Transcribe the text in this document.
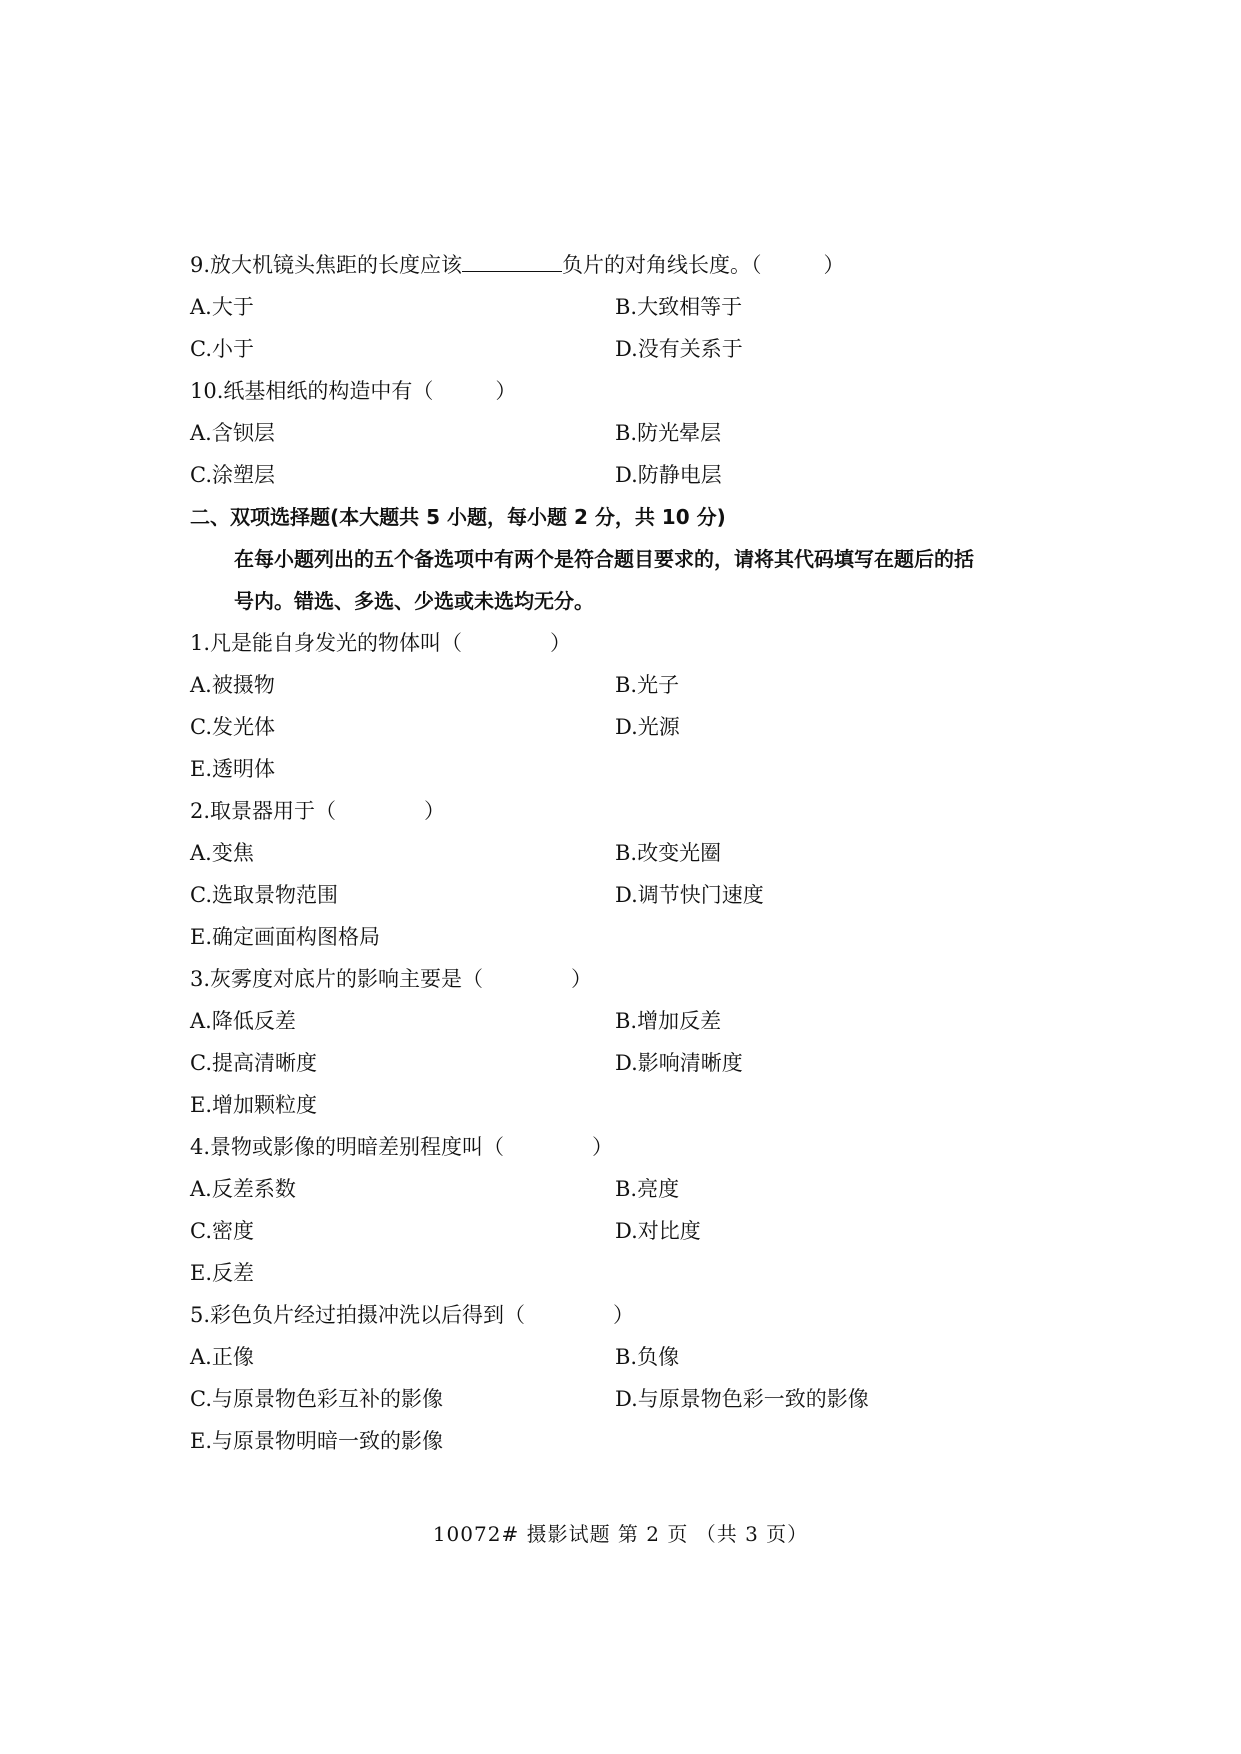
9.放大机镜头焦距的长度应该	负片的对角线长度。（	）
A.大于	B.大致相等于
C.小于	D.没有关系于
10.纸基相纸的构造中有（	）
A.含钡层	B.防光晕层
C.涂塑层	D.防静电层
二、双项选择题(本大题共 5 小题，每小题 2 分，共 10 分)
在每小题列出的五个备选项中有两个是符合题目要求的，请将其代码填写在题后的括
号内。错选、多选、少选或未选均无分。
1.凡是能自身发光的物体叫（	）
A.被摄物	B.光子
C.发光体	D.光源
E.透明体
2.取景器用于（	）
A.变焦	B.改变光圈
C.选取景物范围	D.调节快门速度
E.确定画面构图格局
3.灰雾度对底片的影响主要是（	）
A.降低反差	B.增加反差
C.提高清晰度	D.影响清晰度
E.增加颗粒度
4.景物或影像的明暗差别程度叫（	）
A.反差系数	B.亮度
C.密度	D.对比度
E.反差
5.彩色负片经过拍摄冲洗以后得到（	）
A.正像	B.负像
C.与原景物色彩互补的影像	D.与原景物色彩一致的影像
E.与原景物明暗一致的影像
10072# 摄影试题 第 2 页 （共 3 页）
